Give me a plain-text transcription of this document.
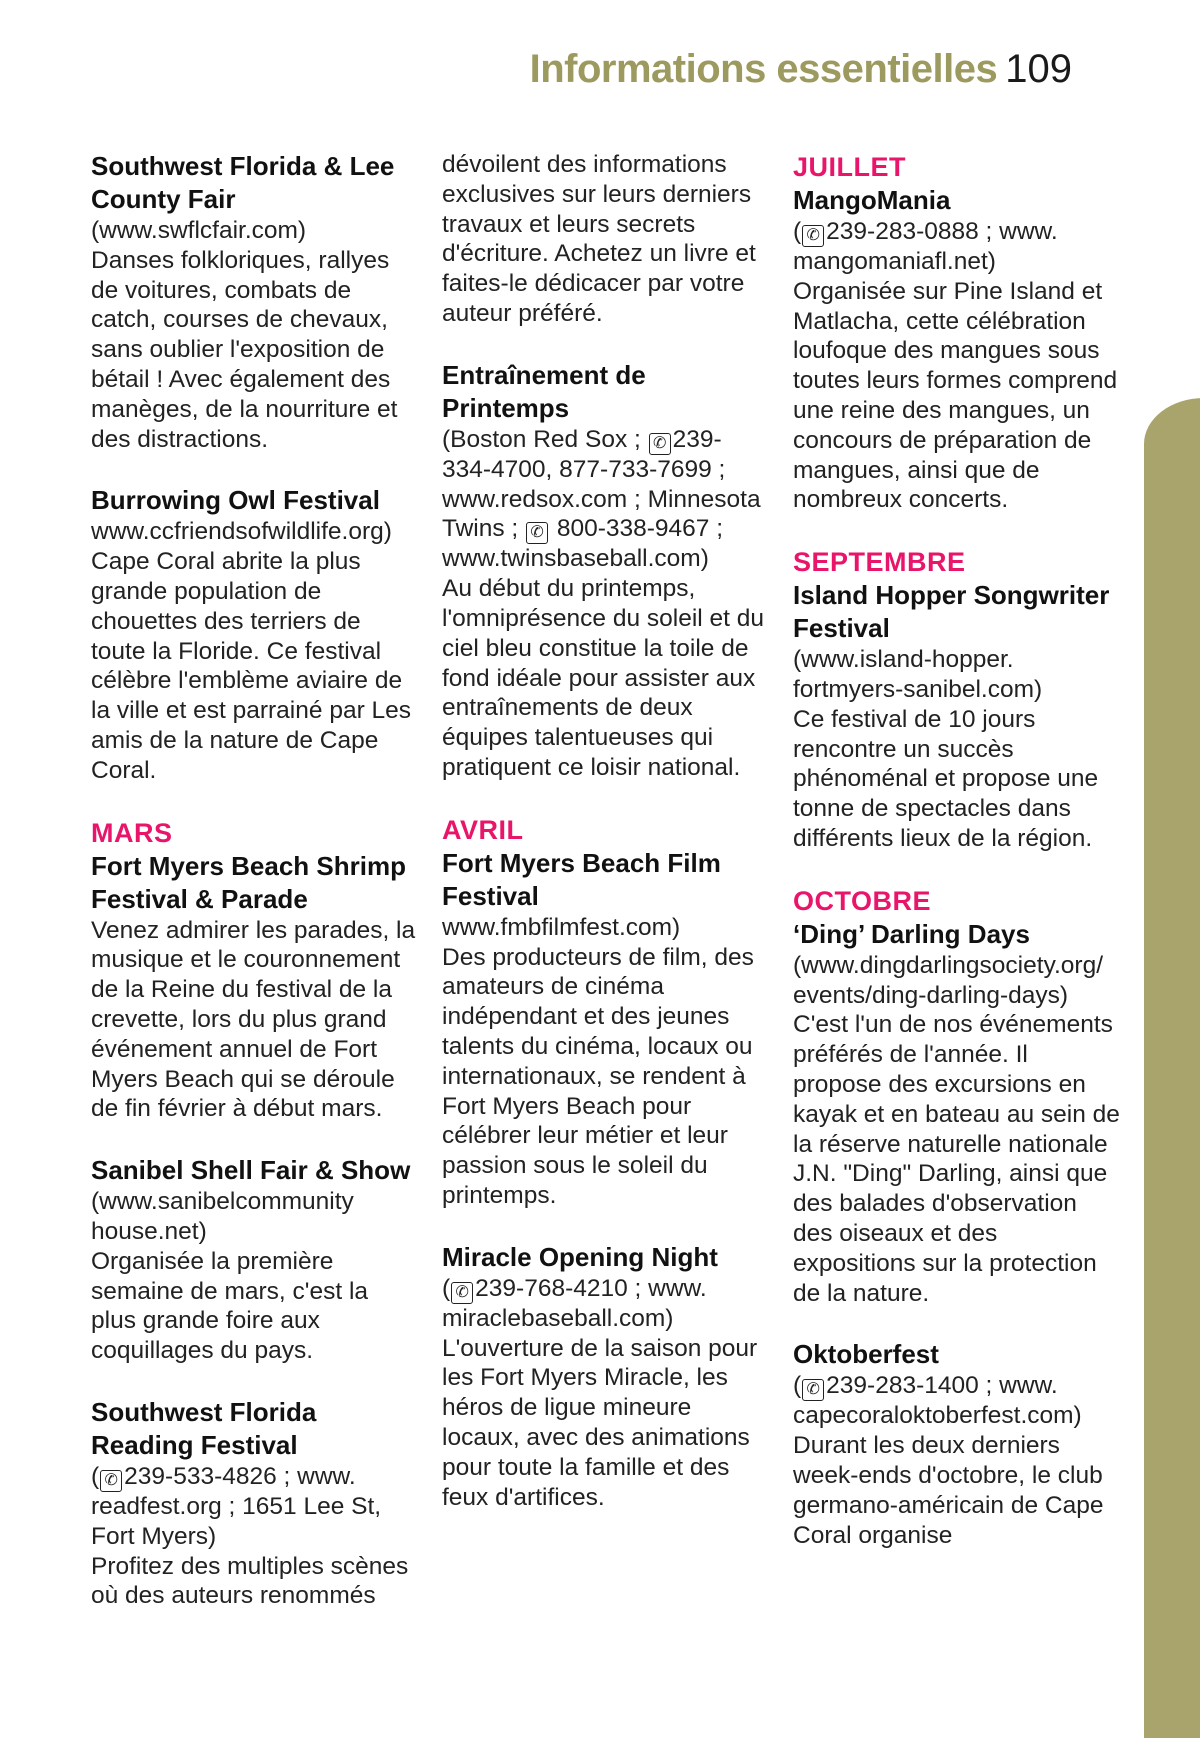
Informations essentielles 109
Southwest Florida & Lee County Fair
(www.swflcfair.com)
Danses folkloriques, rallyes de voitures, combats de catch, courses de chevaux, sans oublier l'exposition de bétail ! Avec également des manèges, de la nourriture et des distractions.
Burrowing Owl Festival
www.ccfriendsofwildlife.org)
Cape Coral abrite la plus grande population de chouettes des terriers de toute la Floride. Ce festival célèbre l'emblème aviaire de la ville et est parrainé par Les amis de la nature de Cape Coral.
MARS
Fort Myers Beach Shrimp Festival & Parade
Venez admirer les parades, la musique et le couronnement de la Reine du festival de la crevette, lors du plus grand événement annuel de Fort Myers Beach qui se déroule de fin février à début mars.
Sanibel Shell Fair & Show
(www.sanibelcommunity house.net)
Organisée la première semaine de mars, c'est la plus grande foire aux coquillages du pays.
Southwest Florida Reading Festival
( ✆ 239-533-4826 ; www. readfest.org ; 1651 Lee St, Fort Myers)
Profitez des multiples scènes où des auteurs renommés
dévoilent des informations exclusives sur leurs derniers travaux et leurs secrets d'écriture. Achetez un livre et faites-le dédicacer par votre auteur préféré.
Entraînement de Printemps
(Boston Red Sox ; ✆ 239-334-4700, 877-733-7699 ; www.redsox.com ; Minnesota Twins ; ✆ 800-338-9467 ; www.twinsbaseball.com)
Au début du printemps, l'omniprésence du soleil et du ciel bleu constitue la toile de fond idéale pour assister aux entraînements de deux équipes talentueuses qui pratiquent ce loisir national.
AVRIL
Fort Myers Beach Film Festival
www.fmbfilmfest.com)
Des producteurs de film, des amateurs de cinéma indépendant et des jeunes talents du cinéma, locaux ou internationaux, se rendent à Fort Myers Beach pour célébrer leur métier et leur passion sous le soleil du printemps.
Miracle Opening Night
( ✆ 239-768-4210 ; www. miraclebaseball.com)
L'ouverture de la saison pour les Fort Myers Miracle, les héros de ligue mineure locaux, avec des animations pour toute la famille et des feux d'artifices.
JUILLET
MangoMania
( ✆ 239-283-0888 ; www. mangomaniafl.net)
Organisée sur Pine Island et Matlacha, cette célébration loufoque des mangues sous toutes leurs formes comprend une reine des mangues, un concours de préparation de mangues, ainsi que de nombreux concerts.
SEPTEMBRE
Island Hopper Songwriter Festival
(www.island-hopper. fortmyers-sanibel.com)
Ce festival de 10 jours rencontre un succès phénoménal et propose une tonne de spectacles dans différents lieux de la région.
OCTOBRE
‘Ding’ Darling Days
(www.dingdarlingsociety.org/ events/ding-darling-days)
C'est l'un de nos événements préférés de l'année. Il propose des excursions en kayak et en bateau au sein de la réserve naturelle nationale J.N. "Ding" Darling, ainsi que des balades d'observation des oiseaux et des expositions sur la protection de la nature.
Oktoberfest
( ✆ 239-283-1400 ; www. capecoraloktoberfest.com)
Durant les deux derniers week-ends d'octobre, le club germano-américain de Cape Coral organise
